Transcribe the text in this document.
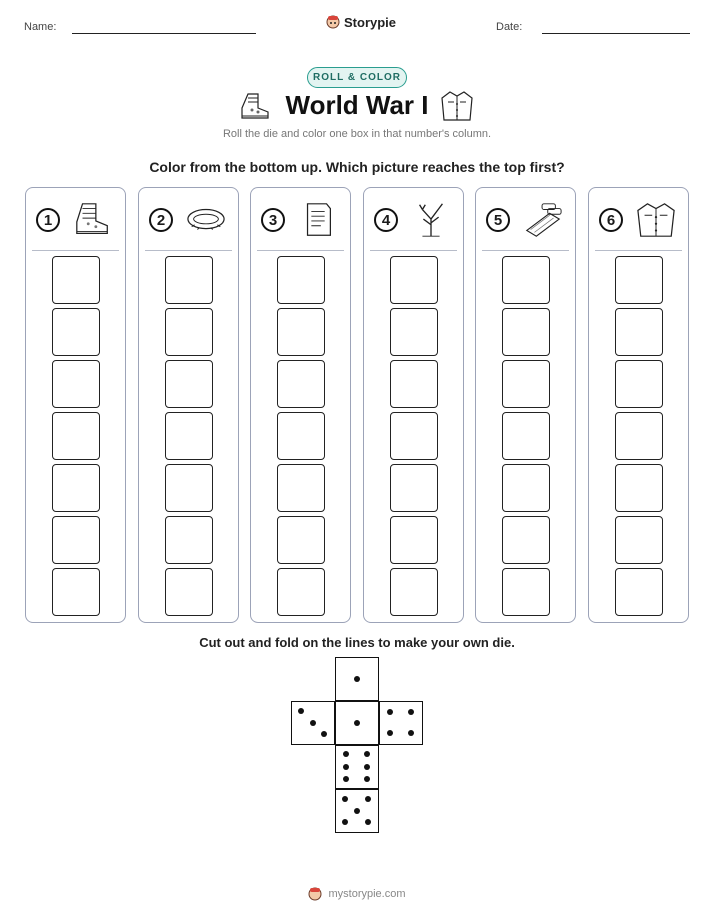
Name:	Storypie	Date:
ROLL & COLOR
World War I
Roll the die and color one box in that number's column.
Color from the bottom up. Which picture reaches the top first?
1	2	3	4	5	6
Cut out and fold on the lines to make your own die.
mystorypie.com
